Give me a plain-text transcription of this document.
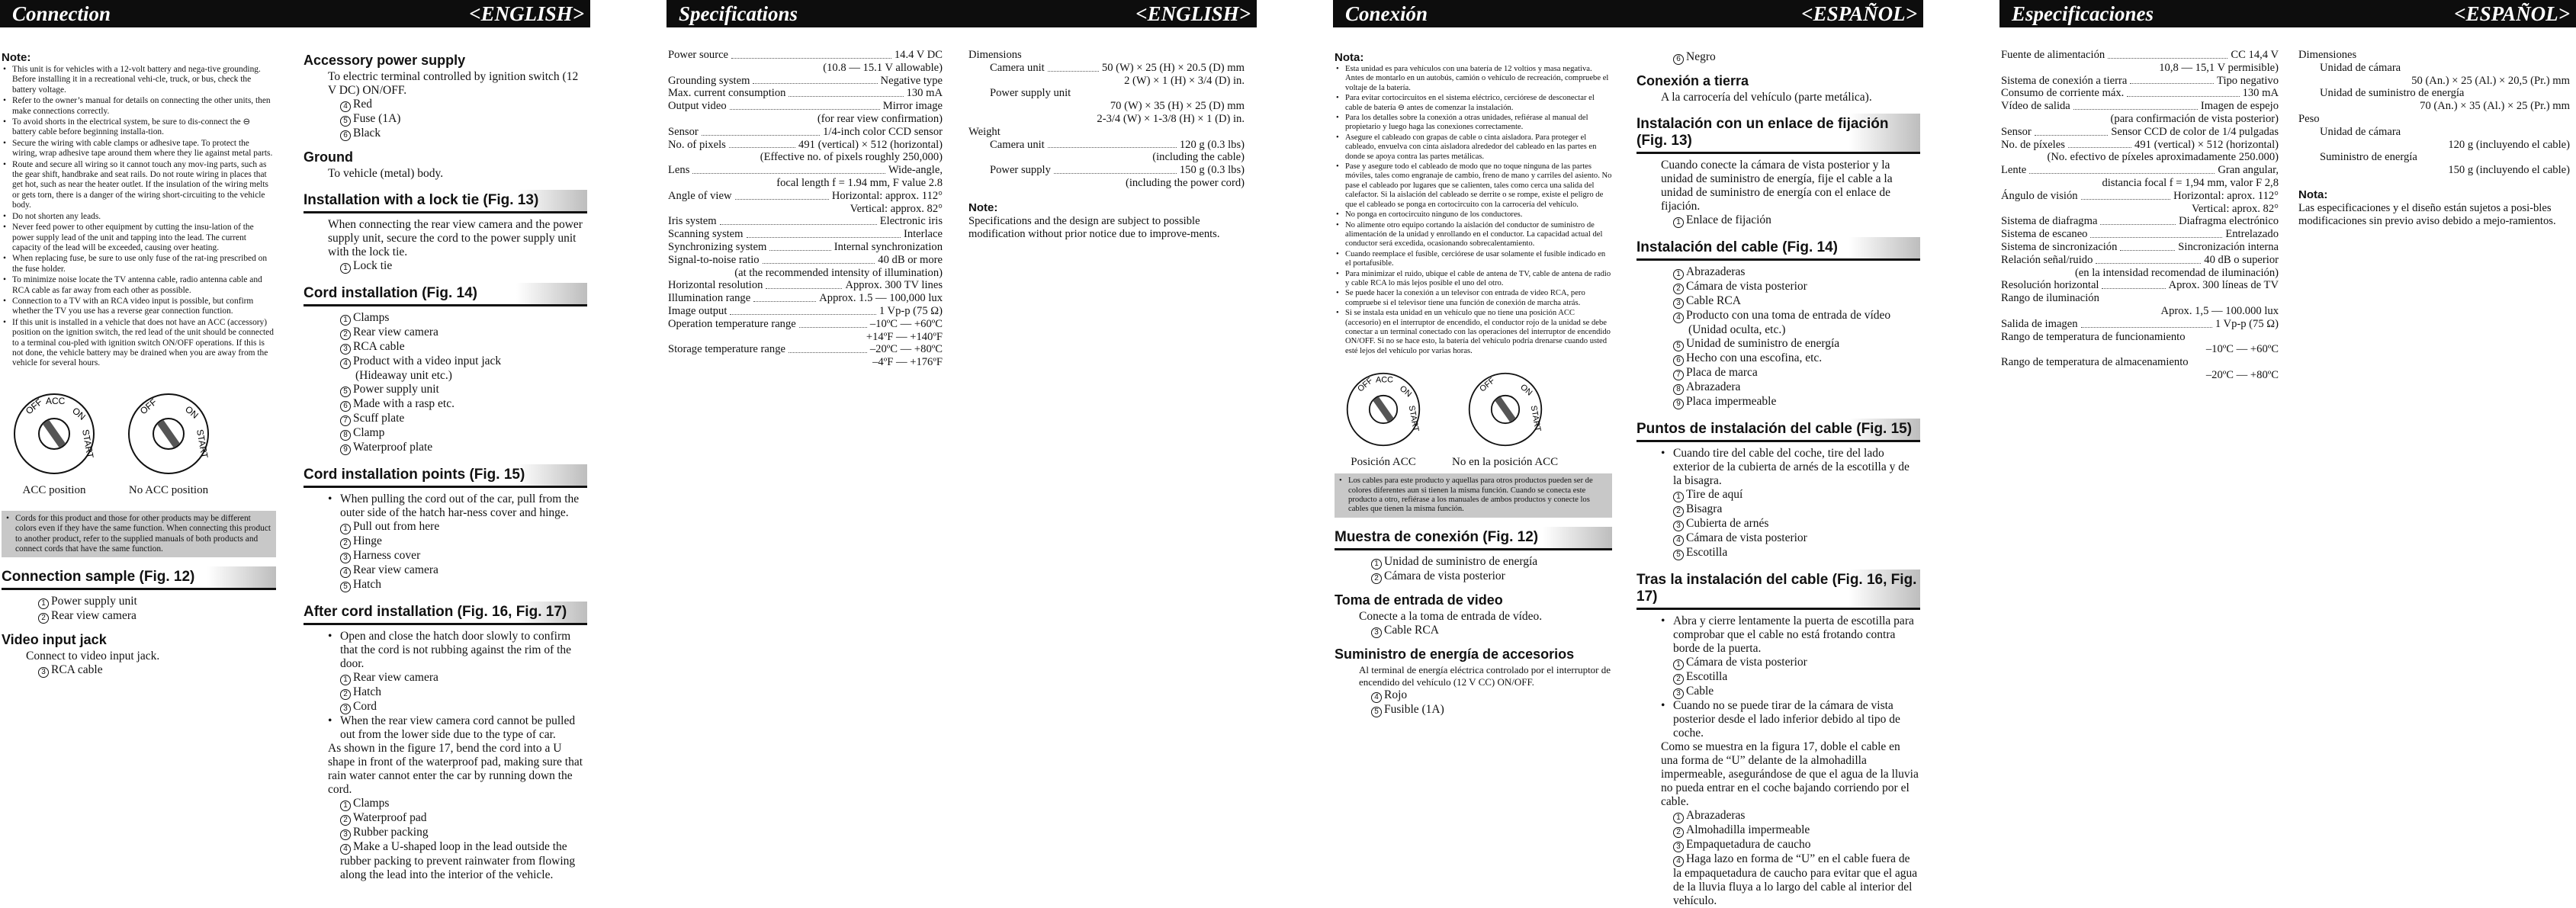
Connection	<ENGLISH>
Note:
• This unit is for vehicles with a 12-volt battery and nega-tive grounding. Before installing it in a recreational vehi-cle, truck, or bus, check the battery voltage.
• Refer to the owner’s manual for details on connecting the other units, then make connections correctly.
• To avoid shorts in the electrical system, be sure to dis-connect the ⊖ battery cable before beginning installa-tion.
• Secure the wiring with cable clamps or adhesive tape. To protect the wiring, wrap adhesive tape around them where they lie against metal parts.
• Route and secure all wiring so it cannot touch any mov-ing parts, such as the gear shift, handbrake and seat rails. Do not route wiring in places that get hot, such as near the heater outlet. If the insulation of the wiring melts or gets torn, there is a danger of the wiring short-circuiting to the vehicle body.
• Do not shorten any leads.
• Never feed power to other equipment by cutting the insu-lation of the power supply lead of the unit and tapping into the lead. The current capacity of the lead will be exceeded, causing over heating.
• When replacing fuse, be sure to use only fuse of the rat-ing prescribed on the fuse holder.
• To minimize noise locate the TV antenna cable, radio antenna cable and RCA cable as far away from each other as possible.
• Connection to a TV with an RCA video input is possible, but confirm whether the TV you use has a reverse gear connection function.
• If this unit is installed in a vehicle that does not have an ACC (accessory) position on the ignition switch, the red lead of the unit should be connected to a terminal cou-pled with ignition switch ON/OFF operations. If this is not done, the vehicle battery may be drained when you are away from the vehicle for several hours.
OFF ACC
ON
START
ACC position
OFF	ON
START
No ACC position
• Cords for this product and those for other products may be different colors even if they have the same function. When connecting this product to another product, refer to the supplied manuals of both products and connect cords that have the same function.
Connection sample (Fig. 12)
1 Power supply unit
2 Rear view camera
Video input jack
Connect to video input jack.
3 RCA cable
Accessory power supply
To electric terminal controlled by ignition switch (12 V DC) ON/OFF.
4 Red
5 Fuse (1A)
6 Black
Ground
To vehicle (metal) body.
Installation with a lock tie (Fig. 13)
When connecting the rear view camera and the power supply unit, secure the cord to the power supply unit with the lock tie.
1 Lock tie
Cord installation (Fig. 14)
1 Clamps
2 Rear view camera
3 RCA cable
4 Product with a video input jack
(Hideaway unit etc.)
5 Power supply unit
6 Made with a rasp etc.
7 Scuff plate
8 Clamp
9 Waterproof plate
Cord installation points (Fig. 15)
• When pulling the cord out of the car, pull from the outer side of the hatch har-ness cover and hinge.
1 Pull out from here
2 Hinge
3 Harness cover
4 Rear view camera
5 Hatch
After cord installation (Fig. 16, Fig. 17)
• Open and close the hatch door slowly to confirm that the cord is not rubbing against the rim of the door.
1 Rear view camera
2 Hatch
3 Cord
• When the rear view camera cord cannot be pulled out from the lower side due to the type of car.
As shown in the figure 17, bend the cord into a U shape in front of the waterproof pad, making sure that rain water cannot enter the car by running down the cord.
1 Clamps
2 Waterproof pad
3 Rubber packing
4 Make a U-shaped loop in the lead outside the rubber packing to prevent rainwater from flowing along the lead into the interior of the vehicle.
Specifications	<ENGLISH>
Power source	14.4 V DC
(10.8 — 15.1 V allowable)
Grounding system	Negative type
Max. current consumption	130 mA
Output video	Mirror image
(for rear view confirmation)
Sensor	1/4-inch color CCD sensor
No. of pixels	491 (vertical) × 512 (horizontal)
(Effective no. of pixels roughly 250,000)
Lens	Wide-angle,
focal length f = 1.94 mm, F value 2.8
Angle of view	Horizontal: approx. 112°
Vertical: approx. 82°
Iris system	Electronic iris
Scanning system	Interlace
Synchronizing system	Internal synchronization
Signal-to-noise ratio	40 dB or more
(at the recommended intensity of illumination)
Horizontal resolution	Approx. 300 TV lines
Illumination range	Approx. 1.5 — 100,000 lux
Image output	1 Vp-p (75 Ω)
Operation temperature range	–10ºC — +60ºC
+14ºF — +140ºF
Storage temperature range	–20ºC — +80ºC
–4ºF — +176ºF
Dimensions
Camera unit	50 (W) × 25 (H) × 20.5 (D) mm
2 (W) × 1 (H) × 3/4 (D) in.
Power supply unit
70 (W) × 35 (H) × 25 (D) mm
2-3/4 (W) × 1-3/8 (H) × 1 (D) in.
Weight
Camera unit	120 g (0.3 lbs)
(including the cable)
Power supply	150 g (0.3 lbs)
(including the power cord)
Note:
Specifications and the design are subject to possible modification without prior notice due to improve-ments.
Conexión	<ESPAÑOL>
Nota:
• Esta unidad es para vehículos con una batería de 12 voltios y masa negativa. Antes de montarlo en un autobús, camión o vehículo de recreación, compruebe el voltaje de la batería.
• Para evitar cortocircuitos en el sistema eléctrico, cerciórese de desconectar el cable de batería ⊖ antes de comenzar la instalación.
• Para los detalles sobre la conexión a otras unidades, refiérase al manual del propietario y luego haga las conexiones correctamente.
• Asegure el cableado con grapas de cable o cinta aisladora. Para proteger el cableado, envuelva con cinta aisladora alrededor del cableado en las partes en donde se apoya contra las partes metálicas.
• Pase y asegure todo el cableado de modo que no toque ninguna de las partes móviles, tales como engranaje de cambio, freno de mano y carriles del asiento. No pase el cableado por lugares que se calienten, tales como cerca una salida del calefactor. Si la aislación del cableado se derrite o se rompe, existe el peligro de que el cableado se ponga en cortocircuito con la carrocería del vehículo.
• No ponga en cortocircuito ninguno de los conductores.
• No alimente otro equipo cortando la aislación del conductor de suministro de alimentación de la unidad y enrollando en el conductor. La capacidad actual del conductor será excedida, ocasionando sobrecalentamiento.
• Cuando reemplace el fusible, cerciórese de usar solamente el fusible indicado en el portafusible.
• Para minimizar el ruido, ubique el cable de antena de TV, cable de antena de radio y cable RCA lo más lejos posible el uno del otro.
• Se puede hacer la conexión a un televisor con entrada de video RCA, pero compruebe si el televisor tiene una función de conexión de marcha atrás.
• Si se instala esta unidad en un vehículo que no tiene una posición ACC (accesorio) en el interruptor de encendido, el conductor rojo de la unidad se debe conectar a un terminal conectado con las operaciones del interruptor de encendido ON/OFF. Si no se hace esto, la batería del vehículo podría drenarse cuando usted esté lejos del vehículo por varias horas.
OFF ACC
ON
START
Posición ACC
OFF ON
START
No en la posición ACC
• Los cables para este producto y aquellas para otros productos pueden ser de colores diferentes aun si tienen la misma función. Cuando se conecta este producto a otro, refiérase a los manuales de ambos productos y conecte los cables que tienen la misma función.
Muestra de conexión (Fig. 12)
1 Unidad de suministro de energía
2 Cámara de vista posterior
Toma de entrada de video
Conecte a la toma de entrada de vídeo.
3 Cable RCA
Suministro de energía de accesorios
Al terminal de energía eléctrica controlado por el interruptor de encendido del vehículo (12 V CC) ON/OFF.
4 Rojo
5 Fusible (1A)
6 Negro
Conexión a tierra
A la carrocería del vehículo (parte metálica).
Instalación con un enlace de fijación (Fig. 13)
Cuando conecte la cámara de vista posterior y la unidad de suministro de energía, fije el cable a la unidad de suministro de energía con el enlace de fijación.
1 Enlace de fijación
Instalación del cable (Fig. 14)
1 Abrazaderas
2 Cámara de vista posterior
3 Cable RCA
4 Producto con una toma de entrada de vídeo
(Unidad oculta, etc.)
5 Unidad de suministro de energía
6 Hecho con una escofina, etc.
7 Placa de marca
8 Abrazadera
9 Placa impermeable
Puntos de instalación del cable (Fig. 15)
• Cuando tire del cable del coche, tire del lado exterior de la cubierta de arnés de la escotilla y de la bisagra.
1 Tire de aquí
2 Bisagra
3 Cubierta de arnés
4 Cámara de vista posterior
5 Escotilla
Tras la instalación del cable (Fig. 16, Fig. 17)
• Abra y cierre lentamente la puerta de escotilla para comprobar que el cable no está frotando contra borde de la puerta.
1 Cámara de vista posterior
2 Escotilla
3 Cable
• Cuando no se puede tirar de la cámara de vista posterior desde el lado inferior debido al tipo de coche.
Como se muestra en la figura 17, doble el cable en una forma de “U” delante de la almohadilla impermeable, asegurándose de que el agua de la lluvia no pueda entrar en el coche bajando corriendo por el cable.
1 Abrazaderas
2 Almohadilla impermeable
3 Empaquetadura de caucho
4 Haga lazo en forma de “U” en el cable fuera de la empaquetadura de caucho para evitar que el agua de la lluvia fluya a lo largo del cable al interior del vehículo.
Especificaciones	<ESPAÑOL>
Fuente de alimentación	CC 14,4 V
10,8 — 15,1 V permisible)
Sistema de conexión a tierra	Tipo negativo
Consumo de corriente máx.	130 mA
Vídeo de salida	Imagen de espejo
(para confirmación de vista posterior)
Sensor	Sensor CCD de color de 1/4 pulgadas
No. de píxeles	491 (vertical) × 512 (horizontal)
(No. efectivo de píxeles aproximadamente 250.000)
Lente	Gran angular,
distancia focal f = 1,94 mm, valor F 2,8
Ángulo de visión	Horizontal: aprox. 112°
Vertical: aprox. 82°
Sistema de diafragma	Diafragma electrónico
Sistema de escaneo	Entrelazado
Sistema de sincronización	Sincronización interna
Relación señal/ruido	40 dB o superior
(en la intensidad recomendad de iluminación)
Resolución horizontal	Aprox. 300 líneas de TV
Rango de iluminación
Aprox. 1,5 — 100.000 lux
Salida de imagen	1 Vp-p (75 Ω)
Rango de temperatura de funcionamiento
–10ºC — +60ºC
Rango de temperatura de almacenamiento
–20ºC — +80ºC
Dimensiones
Unidad de cámara
50 (An.) × 25 (Al.) × 20,5 (Pr.) mm
Unidad de suministro de energía
70 (An.) × 35 (Al.) × 25 (Pr.) mm
Peso
Unidad de cámara
120 g (incluyendo el cable)
Suministro de energía
150 g (incluyendo el cable)
Nota:
Las especificaciones y el diseño están sujetos a posi-bles modificaciones sin previo aviso debido a mejo-ramientos.
